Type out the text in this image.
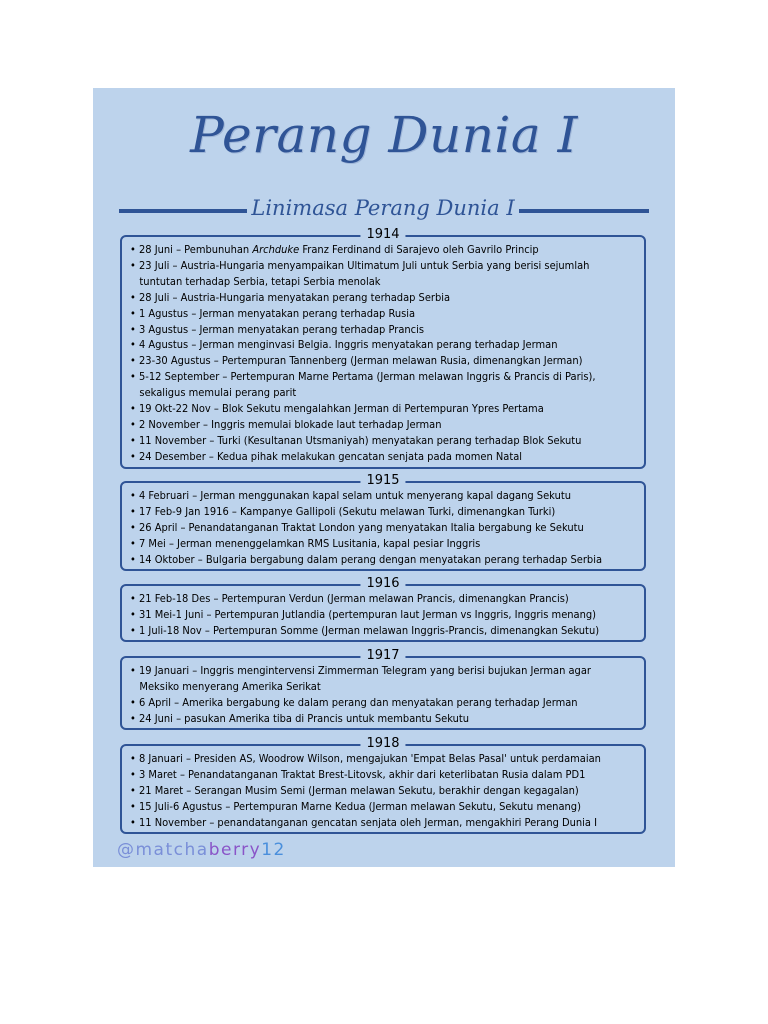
Perang Dunia I
Linimasa Perang Dunia I
1914
• 28 Juni – Pembunuhan Archduke Franz Ferdinand di Sarajevo oleh Gavrilo Princip
• 23 Juli – Austria-Hungaria menyampaikan Ultimatum Juli untuk Serbia yang berisi sejumlah
tuntutan terhadap Serbia, tetapi Serbia menolak
• 28 Juli – Austria-Hungaria menyatakan perang terhadap Serbia
• 1 Agustus – Jerman menyatakan perang terhadap Rusia
• 3 Agustus – Jerman menyatakan perang terhadap Prancis
• 4 Agustus – Jerman menginvasi Belgia. Inggris menyatakan perang terhadap Jerman
• 23-30 Agustus – Pertempuran Tannenberg (Jerman melawan Rusia, dimenangkan Jerman)
• 5-12 September – Pertempuran Marne Pertama (Jerman melawan Inggris & Prancis di Paris),
sekaligus memulai perang parit
• 19 Okt-22 Nov – Blok Sekutu mengalahkan Jerman di Pertempuran Ypres Pertama
• 2 November – Inggris memulai blokade laut terhadap Jerman
• 11 November – Turki (Kesultanan Utsmaniyah) menyatakan perang terhadap Blok Sekutu
• 24 Desember – Kedua pihak melakukan gencatan senjata pada momen Natal
1915
• 4 Februari – Jerman menggunakan kapal selam untuk menyerang kapal dagang Sekutu
• 17 Feb-9 Jan 1916 – Kampanye Gallipoli (Sekutu melawan Turki, dimenangkan Turki)
• 26 April – Penandatanganan Traktat London yang menyatakan Italia bergabung ke Sekutu
• 7 Mei – Jerman menenggelamkan RMS Lusitania, kapal pesiar Inggris
• 14 Oktober – Bulgaria bergabung dalam perang dengan menyatakan perang terhadap Serbia
1916
• 21 Feb-18 Des – Pertempuran Verdun (Jerman melawan Prancis, dimenangkan Prancis)
• 31 Mei-1 Juni – Pertempuran Jutlandia (pertempuran laut Jerman vs Inggris, Inggris menang)
• 1 Juli-18 Nov – Pertempuran Somme (Jerman melawan Inggris-Prancis, dimenangkan Sekutu)
1917
• 19 Januari – Inggris mengintervensi Zimmerman Telegram yang berisi bujukan Jerman agar
Meksiko menyerang Amerika Serikat
• 6 April – Amerika bergabung ke dalam perang dan menyatakan perang terhadap Jerman
• 24 Juni – pasukan Amerika tiba di Prancis untuk membantu Sekutu
1918
• 8 Januari – Presiden AS, Woodrow Wilson, mengajukan 'Empat Belas Pasal' untuk perdamaian
• 3 Maret – Penandatanganan Traktat Brest-Litovsk, akhir dari keterlibatan Rusia dalam PD1
• 21 Maret – Serangan Musim Semi (Jerman melawan Sekutu, berakhir dengan kegagalan)
• 15 Juli-6 Agustus – Pertempuran Marne Kedua (Jerman melawan Sekutu, Sekutu menang)
• 11 November – penandatanganan gencatan senjata oleh Jerman, mengakhiri Perang Dunia I
@matchaberry12
